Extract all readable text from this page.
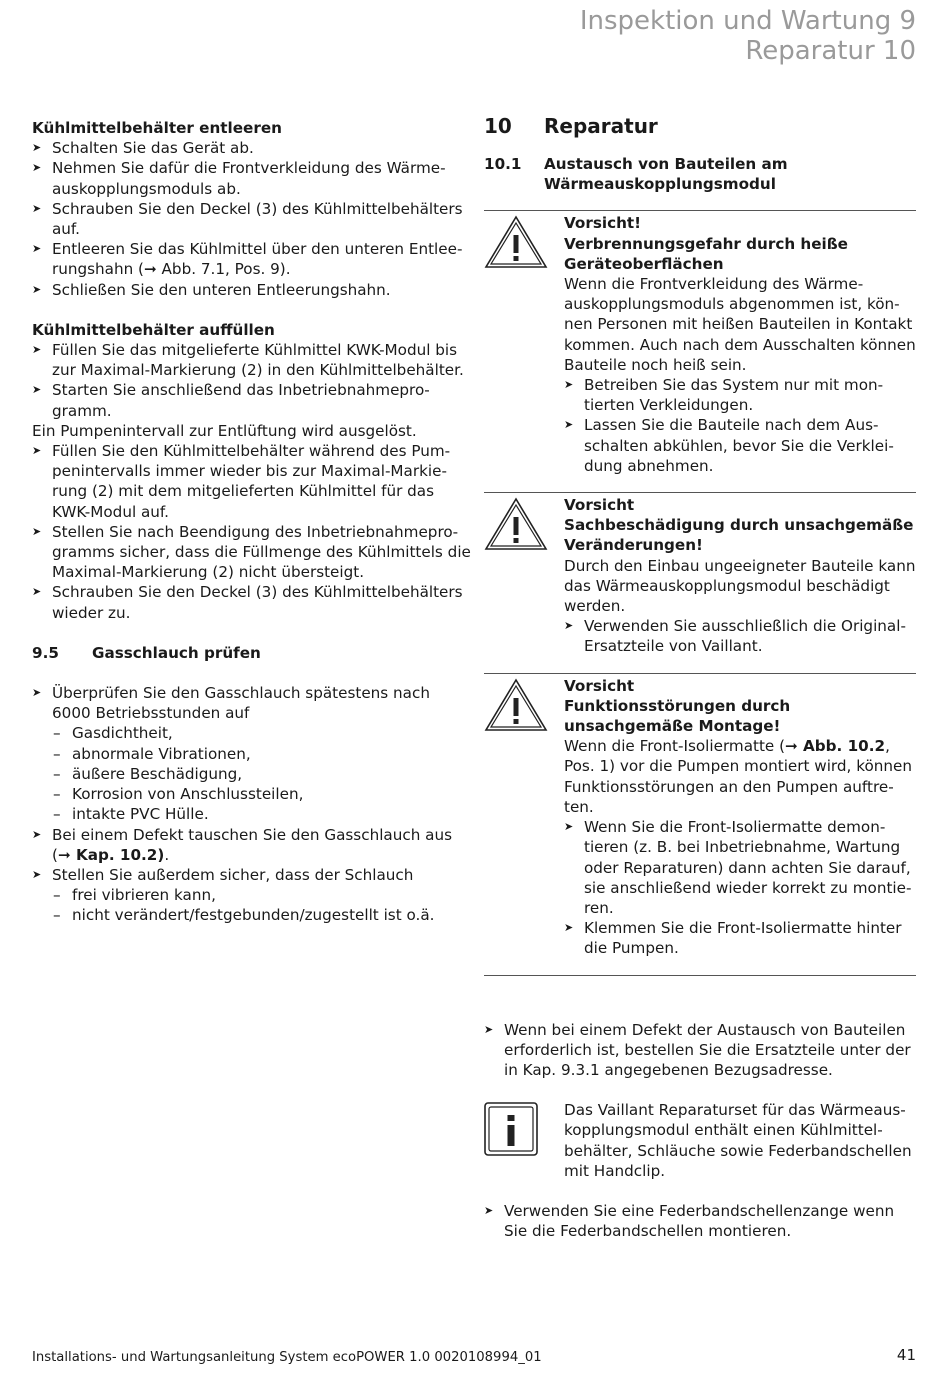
Inspektion und Wartung 9
Reparatur 10

Kühlmittelbehälter entleeren

➤ Schalten Sie das Gerät ab.
➤ Nehmen Sie dafür die Frontverkleidung des Wärmeauskopplungsmoduls ab.
➤ Schrauben Sie den Deckel (3) des Kühlmittelbehälters auf.
➤ Entleeren Sie das Kühlmittel über den unteren Entleerungshahn (➞ Abb. 7.1, Pos. 9).
➤ Schließen Sie den unteren Entleerungshahn.

Kühlmittelbehälter auffüllen

➤ Füllen Sie das mitgelieferte Kühlmittel KWK-Modul bis zur Maximal-Markierung (2) in den Kühlmittelbehälter.
➤ Starten Sie anschließend das Inbetriebnahmeprogramm.
Ein Pumpenintervall zur Entlüftung wird ausgelöst.
➤ Füllen Sie den Kühlmittelbehälter während des Pumpenintervalls immer wieder bis zur Maximal-Markierung (2) mit dem mitgelieferten Kühlmittel für das KWK-Modul auf.
➤ Stellen Sie nach Beendigung des Inbetriebnahmeprogramms sicher, dass die Füllmenge des Kühlmittels die Maximal-Markierung (2) nicht übersteigt.
➤ Schrauben Sie den Deckel (3) des Kühlmittelbehälters wieder zu.
9.5	Gasschlauch prüfen
➤ Überprüfen Sie den Gasschlauch spätestens nach 6000 Betriebsstunden auf
– Gasdichtheit,
– abnormale Vibrationen,
– äußere Beschädigung,
– Korrosion von Anschlussteilen,
– intakte PVC Hülle.
➤ Bei einem Defekt tauschen Sie den Gasschlauch aus (➞ Kap. 10.2).
➤ Stellen Sie außerdem sicher, dass der Schlauch
– frei vibrieren kann,
– nicht verändert/festgebunden/zugestellt ist o.ä.
10	Reparatur
10.1	Austausch von Bauteilen am
Wärmeauskopplungsmodul
Vorsicht!
Verbrennungsgefahr durch heiße Geräteoberflächen
Wenn die Frontverkleidung des Wärmeauskopplungsmoduls abgenommen ist, können Personen mit heißen Bauteilen in Kontakt kommen. Auch nach dem Ausschalten können Bauteile noch heiß sein.
➤ Betreiben Sie das System nur mit montierten Verkleidungen.
➤ Lassen Sie die Bauteile nach dem Ausschalten abkühlen, bevor Sie die Verkleidung abnehmen.
Vorsicht
Sachbeschädigung durch unsachgemäße Veränderungen!
Durch den Einbau ungeeigneter Bauteile kann das Wärmeauskopplungsmodul beschädigt werden.
➤ Verwenden Sie ausschließlich die Original-Ersatzteile von Vaillant.
Vorsicht
Funktionsstörungen durch unsachgemäße Montage!
Wenn die Front-Isoliermatte (➞ Abb. 10.2, Pos. 1) vor die Pumpen montiert wird, können Funktionsstörungen an den Pumpen auftreten.
➤ Wenn Sie die Front-Isoliermatte demontieren (z. B. bei Inbetriebnahme, Wartung oder Reparaturen) dann achten Sie darauf, sie anschließend wieder korrekt zu montieren.
➤ Klemmen Sie die Front-Isoliermatte hinter die Pumpen.
➤ Wenn bei einem Defekt der Austausch von Bauteilen erforderlich ist, bestellen Sie die Ersatzteile unter der in Kap. 9.3.1 angegebenen Bezugsadresse.
Das Vaillant Reparaturset für das Wärmeauskopplungsmodul enthält einen Kühlmittelbehälter, Schläuche sowie Federbandschellen mit Handclip.
➤ Verwenden Sie eine Federbandschellenzange wenn Sie die Federbandschellen montieren.
Installations- und Wartungsanleitung System ecoPOWER 1.0 0020108994_01	41
